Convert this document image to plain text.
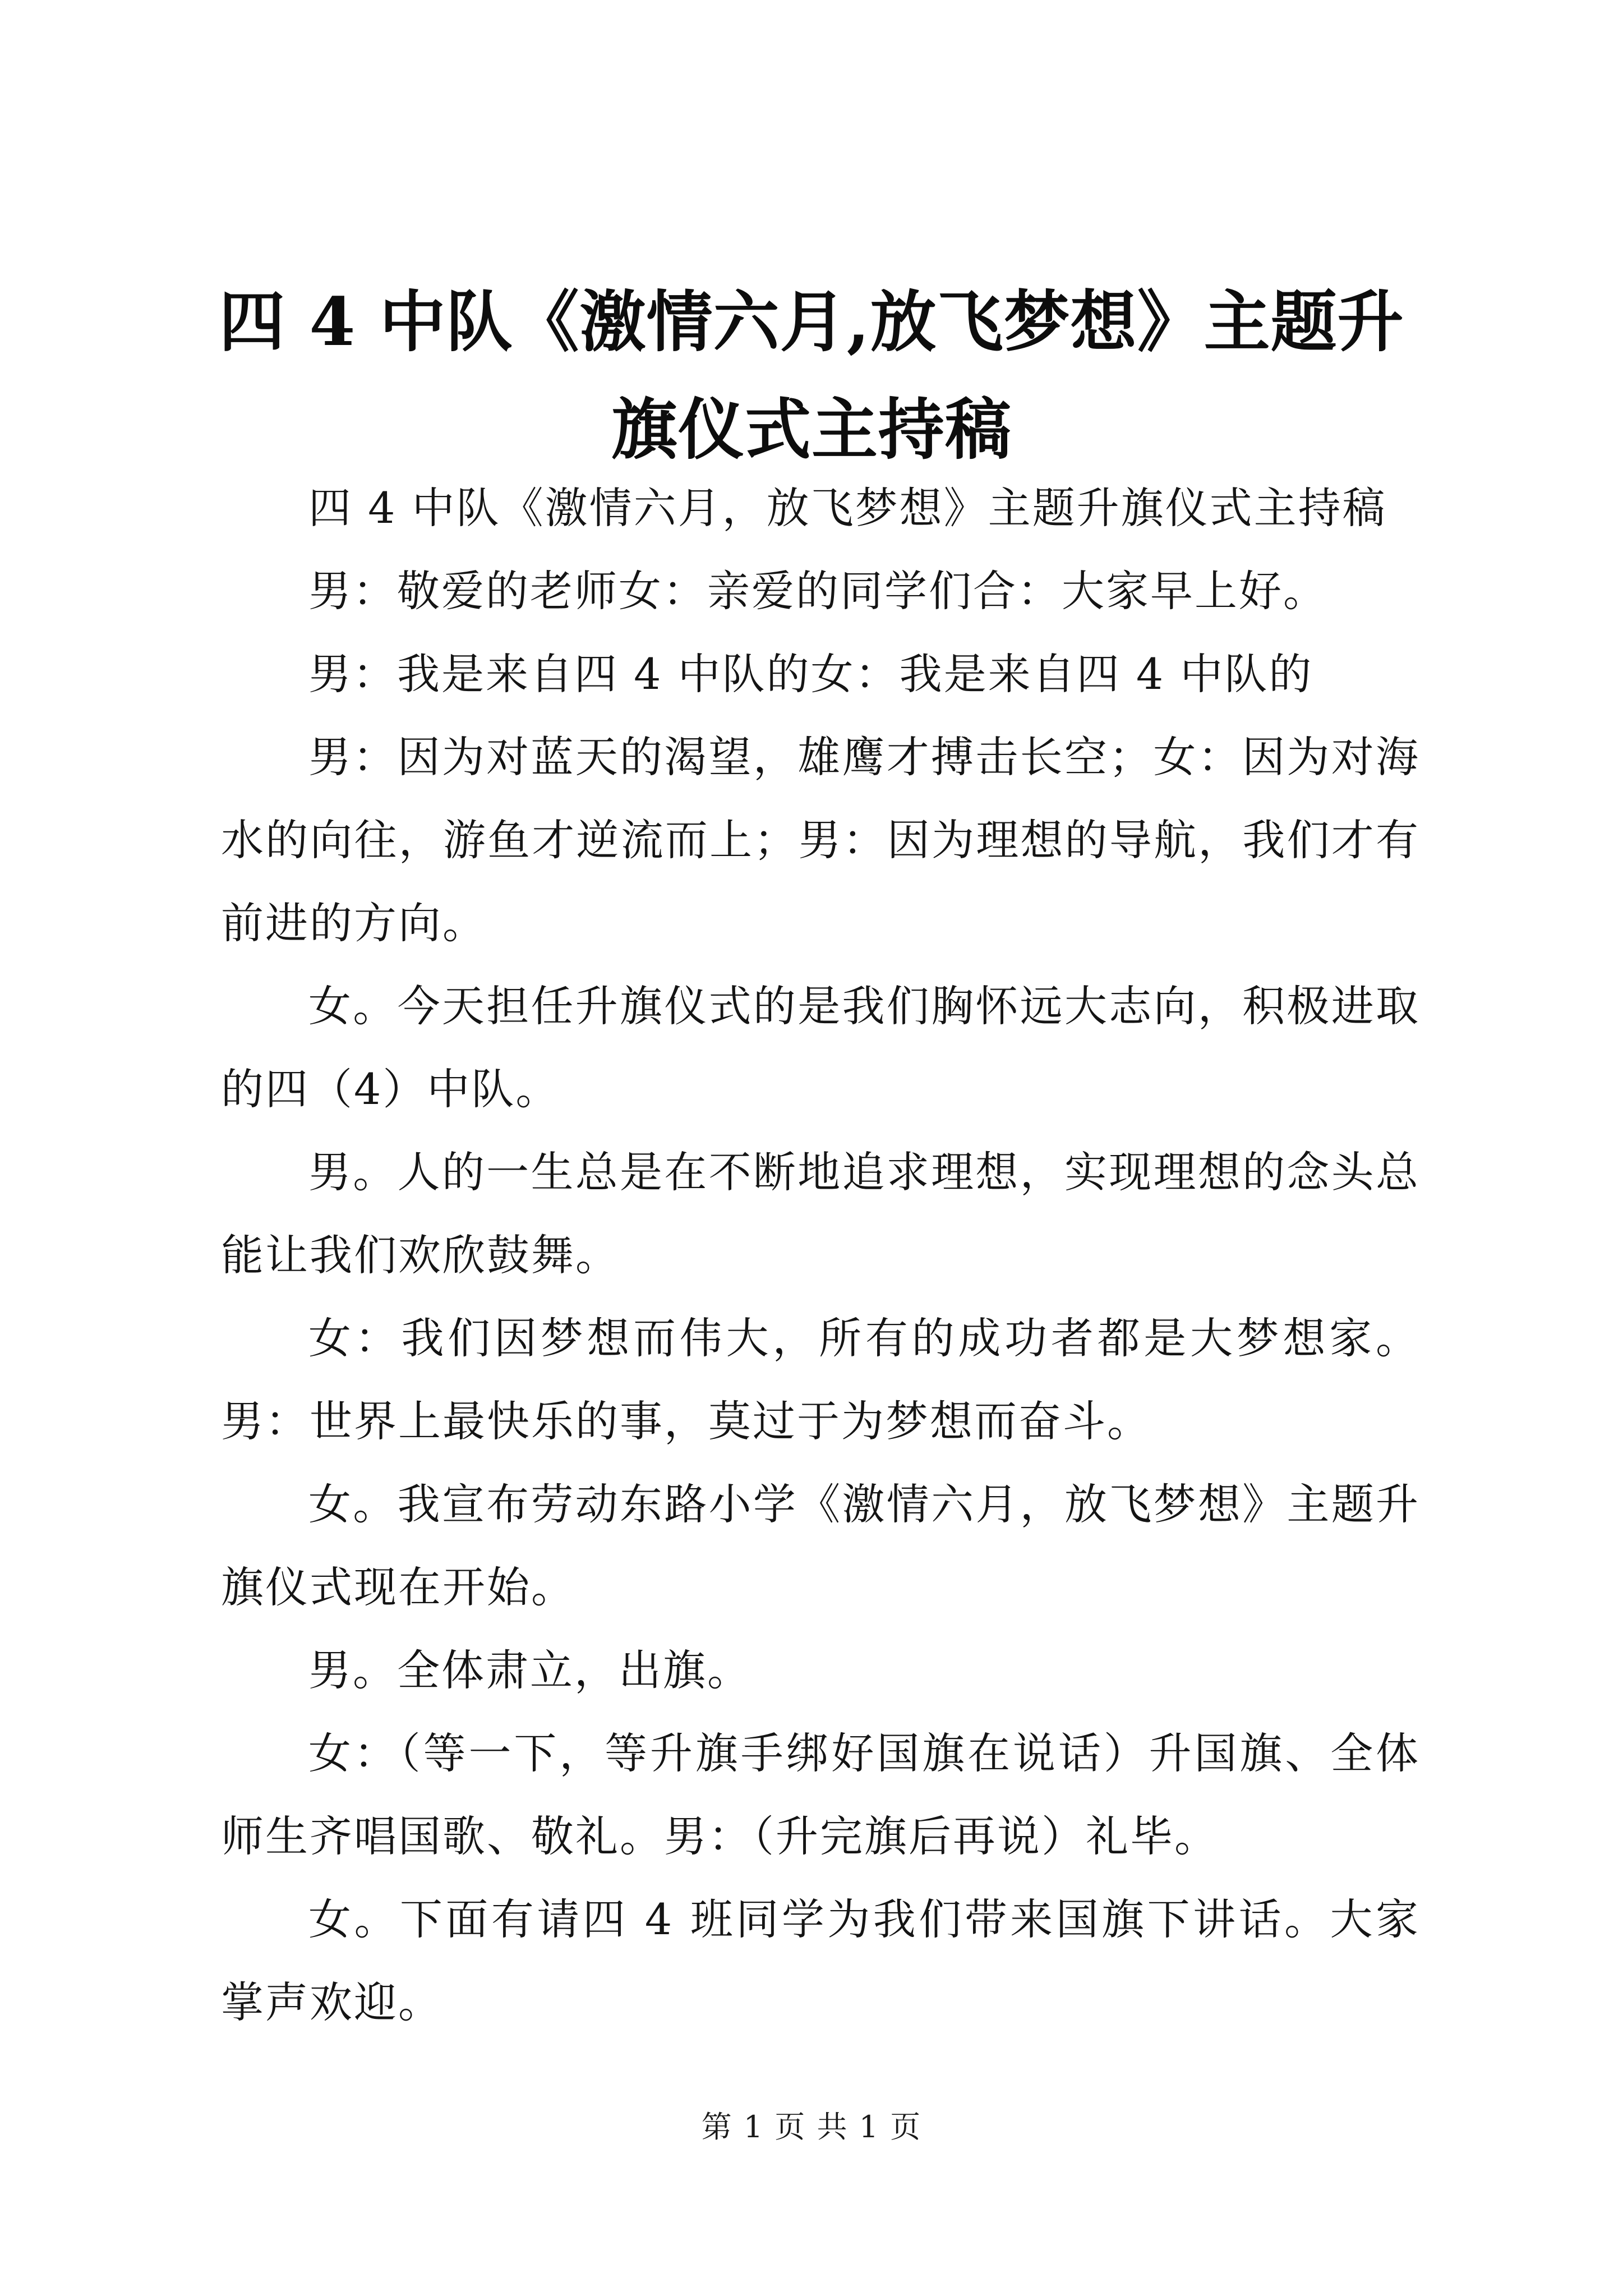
四 4 中队《激情六月,放飞梦想》主题升旗仪式主持稿

四 4 中队《激情六月，放飞梦想》主题升旗仪式主持稿

男：敬爱的老师女：亲爱的同学们合：大家早上好。

男：我是来自四 4 中队的女：我是来自四 4 中队的

男：因为对蓝天的渴望，雄鹰才搏击长空；女：因为对海水的向往，游鱼才逆流而上；男：因为理想的导航，我们才有前进的方向。

女。今天担任升旗仪式的是我们胸怀远大志向，积极进取的四（4）中队。

男。人的一生总是在不断地追求理想，实现理想的念头总能让我们欢欣鼓舞。

女：我们因梦想而伟大，所有的成功者都是大梦想家。男：世界上最快乐的事，莫过于为梦想而奋斗。

女。我宣布劳动东路小学《激情六月，放飞梦想》主题升旗仪式现在开始。

男。全体肃立，出旗。

女：（等一下，等升旗手绑好国旗在说话）升国旗、全体师生齐唱国歌、敬礼。男：（升完旗后再说）礼毕。

女。下面有请四 4 班同学为我们带来国旗下讲话。大家掌声欢迎。

第 1 页 共 1 页
